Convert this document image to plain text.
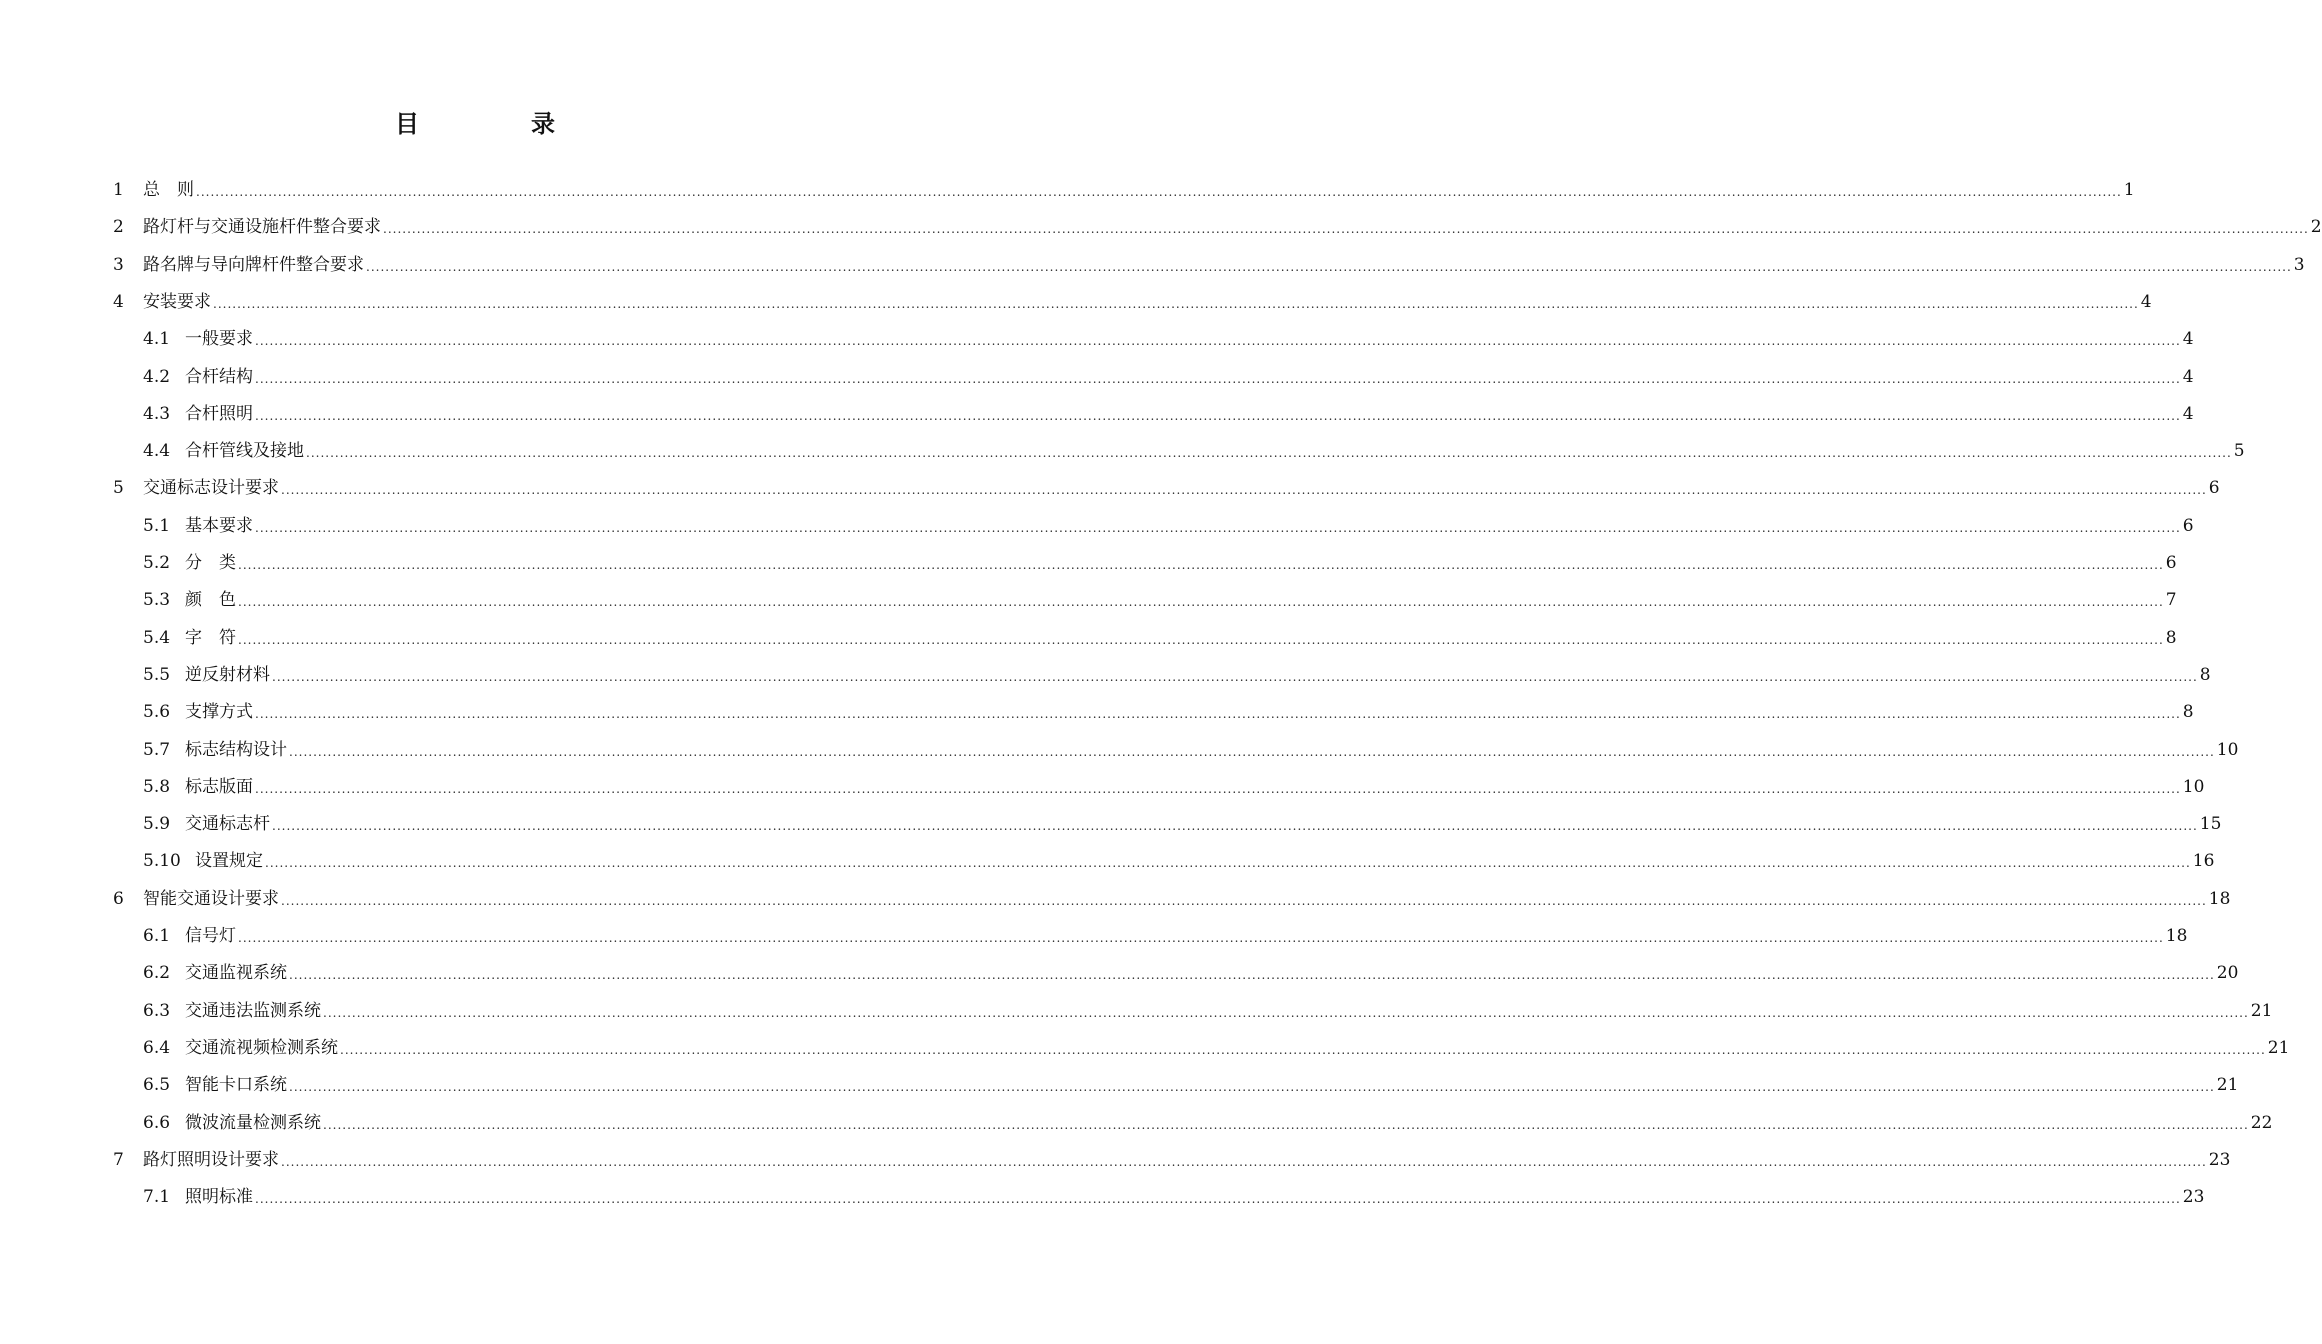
目　录
1	总　则 ................................................................................................................................................................................................................................................................................................................................................................................................................ 1
2	路灯杆与交通设施杆件整合要求 ................................................................................................................................................................................................................................................................................................................................................................................................................ 2
3	路名牌与导向牌杆件整合要求 ................................................................................................................................................................................................................................................................................................................................................................................................................ 3
4	安装要求 ................................................................................................................................................................................................................................................................................................................................................................................................................ 4
4.1 一般要求 ................................................................................................................................................................................................................................................................................................................................................................................................................ 4
4.2 合杆结构 ................................................................................................................................................................................................................................................................................................................................................................................................................ 4
4.3 合杆照明 ................................................................................................................................................................................................................................................................................................................................................................................................................ 4
4.4 合杆管线及接地 ................................................................................................................................................................................................................................................................................................................................................................................................................ 5
5	交通标志设计要求 ................................................................................................................................................................................................................................................................................................................................................................................................................ 6
5.1 基本要求 ................................................................................................................................................................................................................................................................................................................................................................................................................ 6
5.2 分　类 ................................................................................................................................................................................................................................................................................................................................................................................................................ 6
5.3 颜　色 ................................................................................................................................................................................................................................................................................................................................................................................................................ 7
5.4 字　符 ................................................................................................................................................................................................................................................................................................................................................................................................................ 8
5.5 逆反射材料 ................................................................................................................................................................................................................................................................................................................................................................................................................ 8
5.6 支撑方式 ................................................................................................................................................................................................................................................................................................................................................................................................................ 8
5.7 标志结构设计 ................................................................................................................................................................................................................................................................................................................................................................................................................ 10
5.8 标志版面 ................................................................................................................................................................................................................................................................................................................................................................................................................ 10
5.9 交通标志杆 ................................................................................................................................................................................................................................................................................................................................................................................................................ 15
5.10 设置规定 ................................................................................................................................................................................................................................................................................................................................................................................................................ 16
6	智能交通设计要求 ................................................................................................................................................................................................................................................................................................................................................................................................................ 18
6.1 信号灯 ................................................................................................................................................................................................................................................................................................................................................................................................................ 18
6.2 交通监视系统 ................................................................................................................................................................................................................................................................................................................................................................................................................ 20
6.3 交通违法监测系统 ................................................................................................................................................................................................................................................................................................................................................................................................................ 21
6.4 交通流视频检测系统 ................................................................................................................................................................................................................................................................................................................................................................................................................ 21
6.5 智能卡口系统 ................................................................................................................................................................................................................................................................................................................................................................................................................ 21
6.6 微波流量检测系统 ................................................................................................................................................................................................................................................................................................................................................................................................................ 22
7	路灯照明设计要求 ................................................................................................................................................................................................................................................................................................................................................................................................................ 23
7.1 照明标准 ................................................................................................................................................................................................................................................................................................................................................................................................................ 23
